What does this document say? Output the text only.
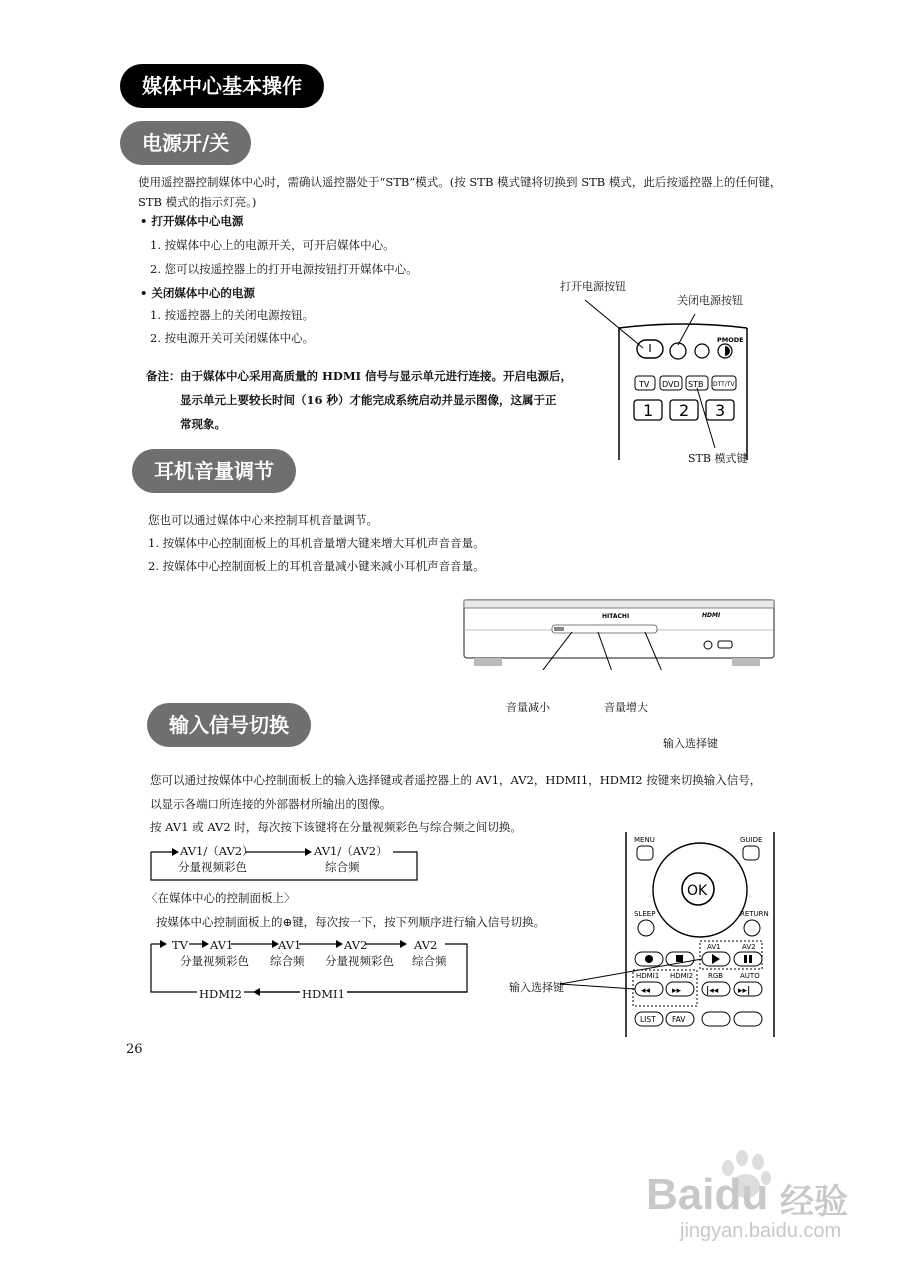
媒体中心基本操作
电源开/关
使用遥控器控制媒体中心时，需确认遥控器处于“STB”模式。(按 STB 模式键将切换到 STB 模式，此后按遥控器上的任何键，STB 模式的指示灯亮。)
• 打开媒体中心电源
1. 按媒体中心上的电源开关，可开启媒体中心。
2. 您可以按遥控器上的打开电源按钮打开媒体中心。
• 关闭媒体中心的电源
1. 按遥控器上的关闭电源按钮。
2. 按电源开关可关闭媒体中心。
备注： 由于媒体中心采用高质量的 HDMI 信号与显示单元进行连接。开启电源后，
显示单元上要较长时间（16 秒）才能完成系统启动并显示图像，这属于正
常现象。
打开电源按钮
关闭电源按钮
STB 模式键
PMODE
TV DVD STB DTT/TV
1 2 3
耳机音量调节
您也可以通过媒体中心来控制耳机音量调节。
1. 按媒体中心控制面板上的耳机音量增大键来增大耳机声音音量。
2. 按媒体中心控制面板上的耳机音量减小键来减小耳机声音音量。
HITACHI	HDMI
音量减小	音量增大
输入选择键
输入信号切换
您可以通过按媒体中心控制面板上的输入选择键或者遥控器上的 AV1，AV2，HDMI1，HDMI2 按键来切换输入信号，
以显示各端口所连接的外部器材所输出的图像。
按 AV1 或 AV2 时，每次按下该键将在分量视频彩色与综合频之间切换。
AV1/（AV2）
分量视频彩色
AV1/（AV2）
综合频
〈在媒体中心的控制面板上〉
按媒体中心控制面板上的⊕键，每次按一下，按下列顺序进行输入信号切换。
TV AV1
分量视频彩色
AV1
综合频
AV2
分量视频彩色
AV2
综合频
HDMI2	HDMI1	输入选择键
MENU	GUIDE
OK
SLEEP	RETURN
AV1	AV2
HDMI1 HDMI2 RGB AUTO
◂◂ ▸▸	|◂◂ ▸▸|
LIST FAV
26
Baidu 经验
jingyan.baidu.com
